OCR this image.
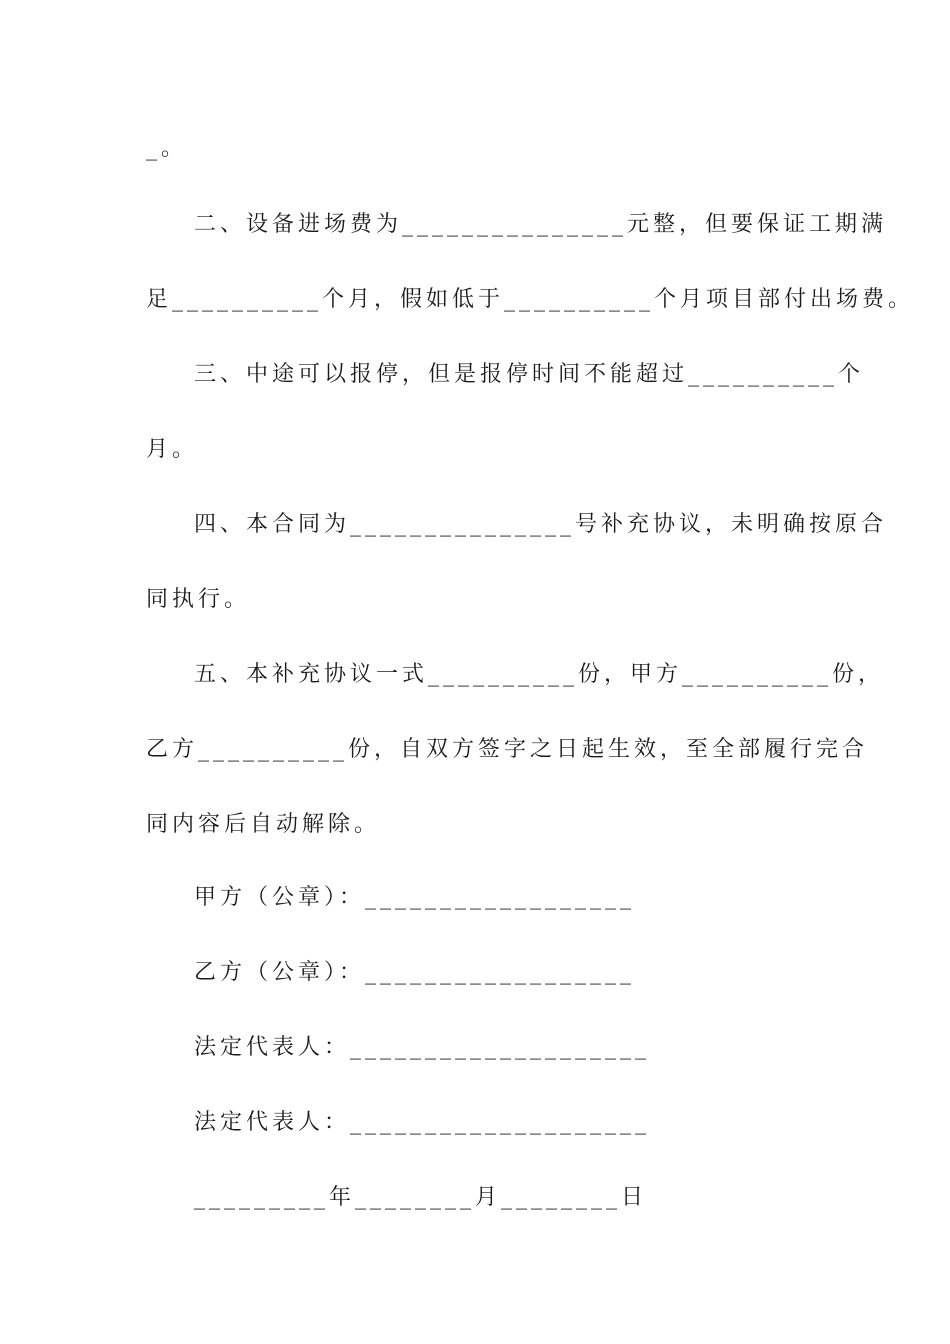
_。
二、设备进场费为_______________元整，但要保证工期满
足__________个月，假如低于__________个月项目部付出场费。
三、中途可以报停，但是报停时间不能超过__________个
月。
四、本合同为_______________号补充协议，未明确按原合
同执行。
五、本补充协议一式__________份，甲方__________份，
乙方__________份，自双方签字之日起生效，至全部履行完合
同内容后自动解除。
甲方（公章）：__________________
乙方（公章）：__________________
法定代表人：____________________
法定代表人：____________________
_________年________月________日
